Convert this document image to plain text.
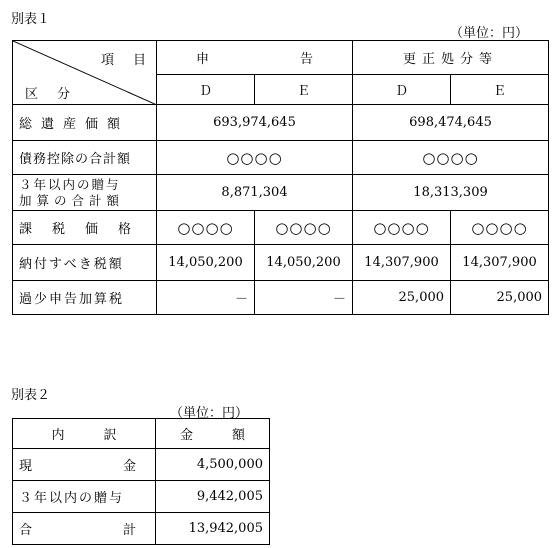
別表１
（単位：円）
項　目
区　分	申　　　　　　　告		更正処分等	
	Ｄ	Ｅ	Ｄ	Ｅ
総遺産価額	693,974,645		698,474,645	
債務控除の合計額	○○○○		○○○○	

３年以内の贈与
加算の合計額	8,871,304		18,313,309	
課税価格	○○○○	○○○○	○○○○	○○○○
納付すべき税額	14,050,200	14,050,200	14,307,900	14,307,900
過少申告加算税	－	－	25,000	25,000
別表２
（単位：円）
内　　　訳	金　　　額
現　　　　　　　金	4,500,000
３年以内の贈与	9,442,005
合　　　　　　　計	13,942,005
